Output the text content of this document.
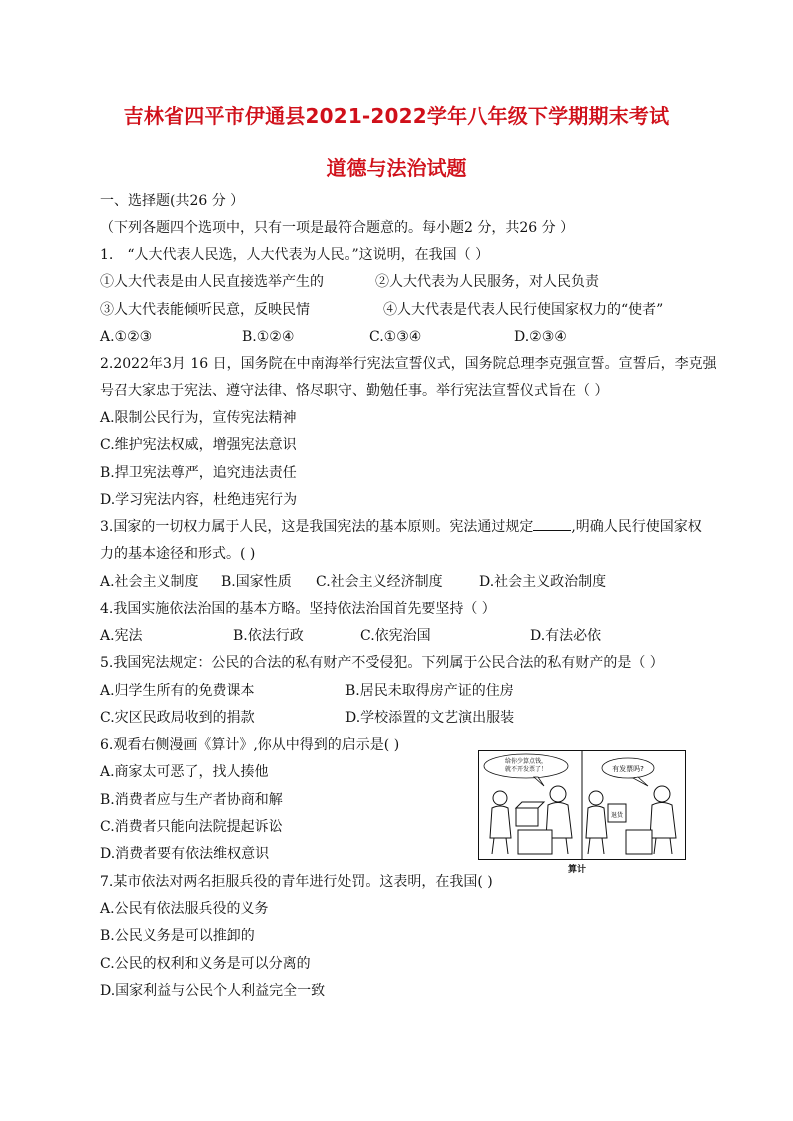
吉林省四平市伊通县2021-2022学年八年级下学期期末考试
道德与法治试题
一、选择题(共26 分 ）
（下列各题四个选项中，只有一项是最符合题意的。每小题2 分，共26 分 ）
1.　“人大代表人民选，人大代表为人民。”这说明，在我国（ ）
①人大代表是由人民直接选举产生的	②人大代表为人民服务，对人民负责
③人大代表能倾听民意，反映民情	④人大代表是代表人民行使国家权力的“使者”
A.①②③	B.①②④	C.①③④	D.②③④
2.2022年3月 16 日，国务院在中南海举行宪法宣誓仪式，国务院总理李克强宣誓。宣誓后，李克强
号召大家忠于宪法、遵守法律、恪尽职守、勤勉任事。举行宪法宣誓仪式旨在（ ）
A.限制公民行为，宣传宪法精神
C.维护宪法权威，增强宪法意识
B.捍卫宪法尊严，追究违法责任
D.学习宪法内容，杜绝违宪行为
3.国家的一切权力属于人民，这是我国宪法的基本原则。宪法通过规定	,明确人民行使国家权
力的基本途径和形式。( )
A.社会主义制度 B.国家性质 C.社会主义经济制度	D.社会主义政治制度
4.我国实施依法治国的基本方略。坚持依法治国首先要坚持（ ）
A.宪法	B.依法行政	C.依宪治国	D.有法必依
5.我国宪法规定：公民的合法的私有财产不受侵犯。下列属于公民合法的私有财产的是（ ）
A.归学生所有的免费课本	B.居民未取得房产证的住房
C.灾区民政局收到的捐款	D.学校添置的文艺演出服装
6.观看右侧漫画《算计》,你从中得到的启示是( )
A.商家太可恶了，找人揍他
B.消费者应与生产者协商和解
C.消费者只能向法院提起诉讼
D.消费者要有依法维权意识
给你少算点钱，
就不开发票了！	有发票吗?
退货
算计
7.某市依法对两名拒服兵役的青年进行处罚。这表明，在我国( )
A.公民有依法服兵役的义务
B.公民义务是可以推卸的
C.公民的权利和义务是可以分离的
D.国家利益与公民个人利益完全一致
